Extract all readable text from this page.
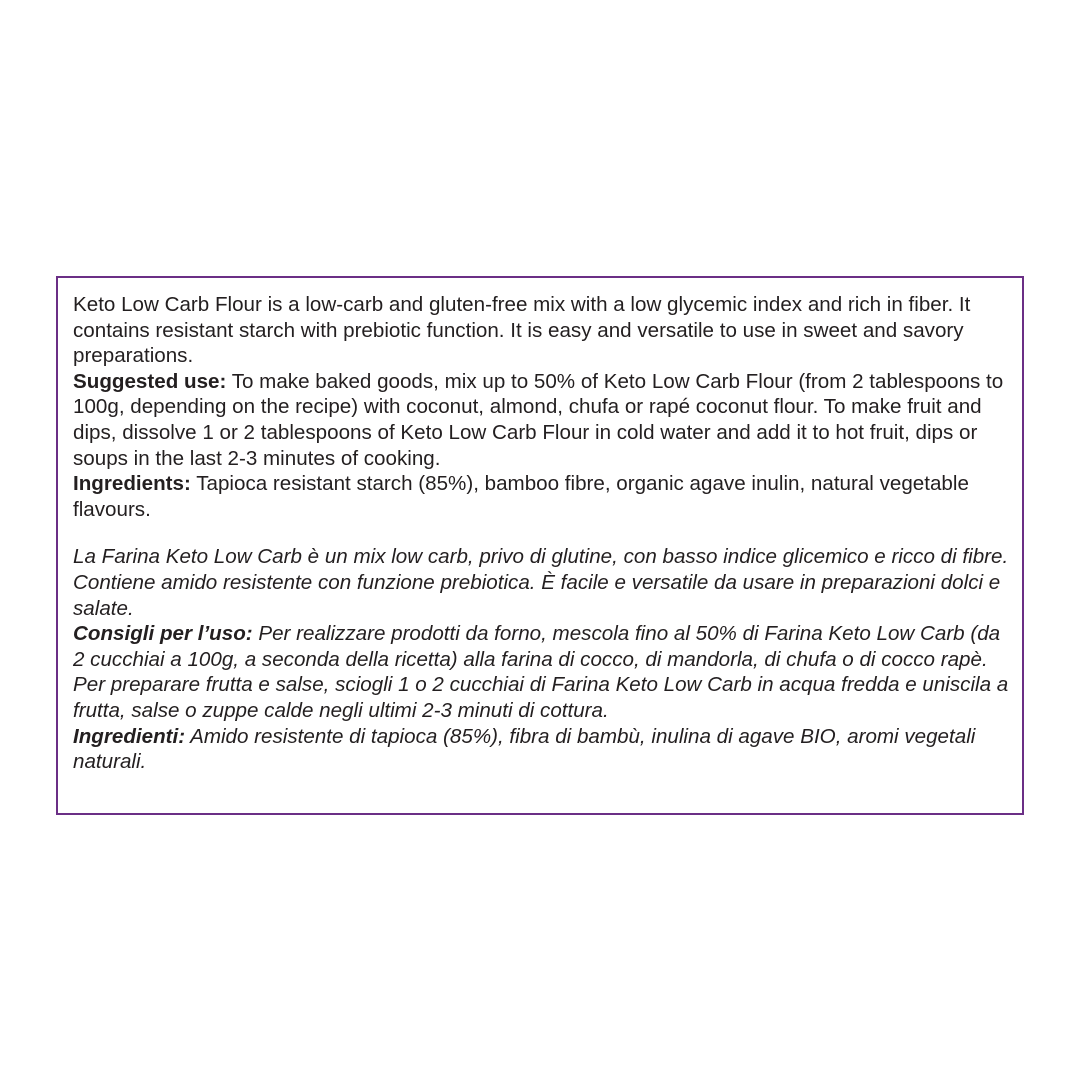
Keto Low Carb Flour is a low-carb and gluten-free mix with a low glycemic index and rich in fiber. It contains resistant starch with prebiotic function. It is easy and versatile to use in sweet and savory preparations.

Suggested use: To make baked goods, mix up to 50% of Keto Low Carb Flour (from 2 tablespoons to 100g, depending on the recipe) with coconut, almond, chufa or rapé coconut flour. To make fruit and dips, dissolve 1 or 2 tablespoons of Keto Low Carb Flour in cold water and add it to hot fruit, dips or soups in the last 2-3 minutes of cooking.

Ingredients: Tapioca resistant starch (85%), bamboo fibre, organic agave inulin, natural vegetable flavours.

La Farina Keto Low Carb è un mix low carb, privo di glutine, con basso indice glicemico e ricco di fibre. Contiene amido resistente con funzione prebiotica. È facile e versatile da usare in preparazioni dolci e salate.

Consigli per l’uso: Per realizzare prodotti da forno, mescola fino al 50% di Farina Keto Low Carb (da 2 cucchiai a 100g, a seconda della ricetta) alla farina di cocco, di mandorla, di chufa o di cocco rapè. Per preparare frutta e salse, sciogli 1 o 2 cucchiai di Farina Keto Low Carb in acqua fredda e uniscila a frutta, salse o zuppe calde negli ultimi 2-3 minuti di cottura.

Ingredienti: Amido resistente di tapioca (85%), fibra di bambù, inulina di agave BIO, aromi vegetali naturali.
